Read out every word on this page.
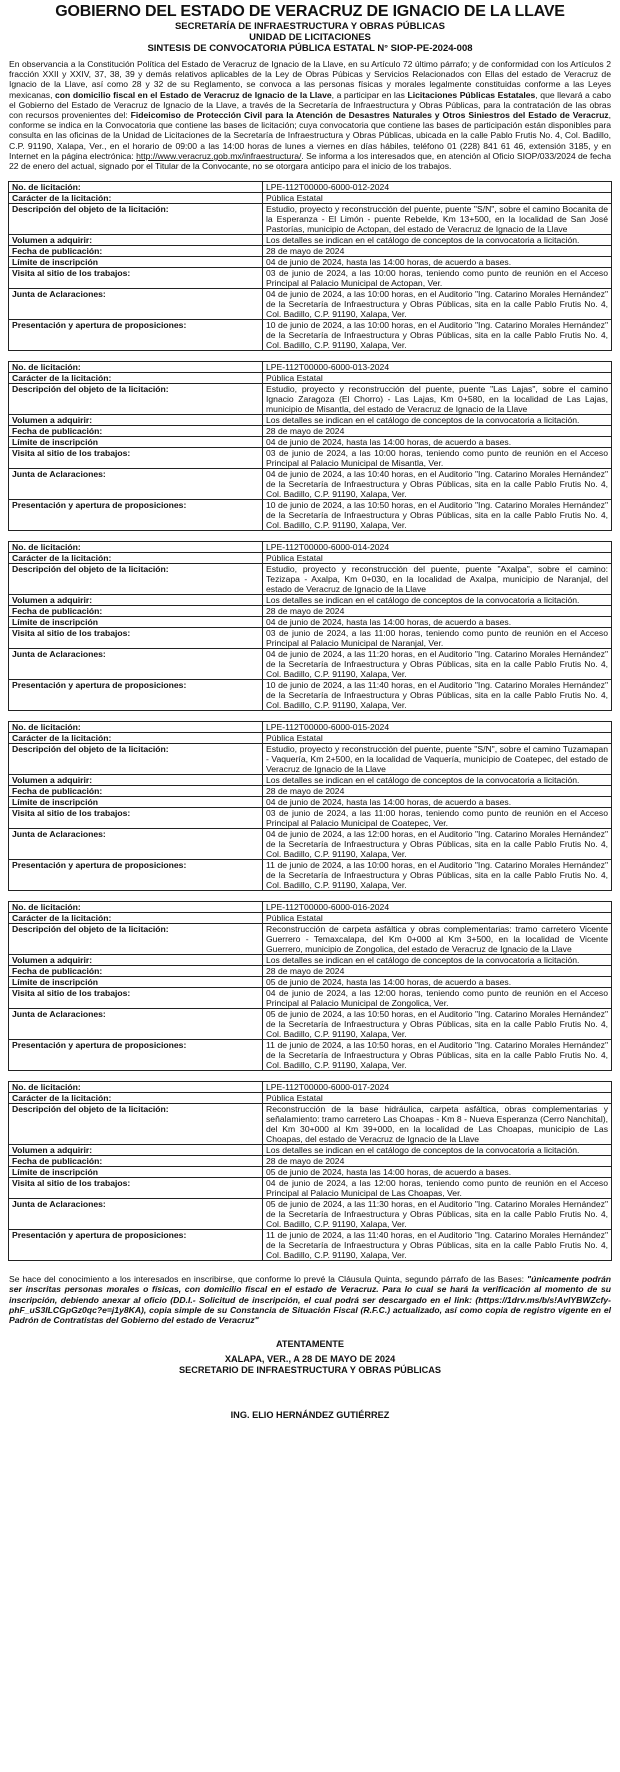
GOBIERNO DEL ESTADO DE VERACRUZ DE IGNACIO DE LA LLAVE
SECRETARÍA DE INFRAESTRUCTURA Y OBRAS PÚBLICAS
UNIDAD DE LICITACIONES
SINTESIS DE CONVOCATORIA PÚBLICA ESTATAL N° SIOP-PE-2024-008
En observancia a la Constitución Política del Estado de Veracruz de Ignacio de la Llave, en su Artículo 72 último párrafo; y de conformidad con los Artículos 2 fracción XXII y XXIV, 37, 38, 39 y demás relativos aplicables de la Ley de Obras Púbicas y Servicios Relacionados con Ellas del estado de Veracruz de Ignacio de la Llave, así como 28 y 32 de su Reglamento, se convoca a las personas físicas y morales legalmente constituidas conforme a las Leyes mexicanas, con domicilio fiscal en el Estado de Veracruz de Ignacio de la Llave, a participar en las Licitaciones Públicas Estatales, que llevará a cabo el Gobierno del Estado de Veracruz de Ignacio de la Llave, a través de la Secretaría de Infraestructura y Obras Públicas, para la contratación de las obras con recursos provenientes del: Fideicomiso de Protección Civil para la Atención de Desastres Naturales y Otros Siniestros del Estado de Veracruz, conforme se indica en la Convocatoria que contiene las bases de licitación; cuya convocatoria que contiene las bases de participación están disponibles para consulta en las oficinas de la Unidad de Licitaciones de la Secretaría de Infraestructura y Obras Públicas, ubicada en la calle Pablo Frutis No. 4, Col. Badillo, C.P. 91190, Xalapa, Ver., en el horario de 09:00 a las 14:00 horas de lunes a viernes en días hábiles, teléfono 01 (228) 841 61 46, extensión 3185, y en Internet en la página electrónica: http://www.veracruz.gob.mx/infraestructura/. Se informa a los interesados que, en atención al Oficio SIOP/033/2024 de fecha 22 de enero del actual, signado por el Titular de la Convocante, no se otorgara anticipo para el inicio de los trabajos.
No. de licitación:	LPE-112T00000-6000-012-2024
Carácter de la licitación:	Pública Estatal
Descripción del objeto de la licitación:	Estudio, proyecto y reconstrucción del puente, puente "S/N", sobre el camino Bocanita de la Esperanza - El Limón - puente Rebelde, Km 13+500, en la localidad de San José Pastorías, municipio de Actopan, del estado de Veracruz de Ignacio de la Llave
Volumen a adquirir:	Los detalles se indican en el catálogo de conceptos de la convocatoria a licitación.
Fecha de publicación:	28 de mayo de 2024
Límite de inscripción	04 de junio de 2024, hasta las 14:00 horas, de acuerdo a bases.
Visita al sitio de los trabajos:	03 de junio de 2024, a las 10:00 horas, teniendo como punto de reunión en el Acceso Principal al Palacio Municipal de Actopan, Ver.
Junta de Aclaraciones:	04 de junio de 2024, a las 10:00 horas, en el Auditorio "Ing. Catarino Morales Hernández" de la Secretaría de Infraestructura y Obras Públicas, sita en la calle Pablo Frutis No. 4, Col. Badillo, C.P. 91190, Xalapa, Ver.
Presentación y apertura de proposiciones:	10 de junio de 2024, a las 10:00 horas, en el Auditorio "Ing. Catarino Morales Hernández" de la Secretaría de Infraestructura y Obras Públicas, sita en la calle Pablo Frutis No. 4, Col. Badillo, C.P. 91190, Xalapa, Ver.
No. de licitación:	LPE-112T00000-6000-013-2024
Carácter de la licitación:	Pública Estatal
Descripción del objeto de la licitación:	Estudio, proyecto y reconstrucción del puente, puente "Las Lajas", sobre el camino Ignacio Zaragoza (El Chorro) - Las Lajas, Km 0+580, en la localidad de Las Lajas, municipio de Misantla, del estado de Veracruz de Ignacio de la Llave
Volumen a adquirir:	Los detalles se indican en el catálogo de conceptos de la convocatoria a licitación.
Fecha de publicación:	28 de mayo de 2024
Límite de inscripción	04 de junio de 2024, hasta las 14:00 horas, de acuerdo a bases.
Visita al sitio de los trabajos:	03 de junio de 2024, a las 10:00 horas, teniendo como punto de reunión en el Acceso Principal al Palacio Municipal de Misantla, Ver.
Junta de Aclaraciones:	04 de junio de 2024, a las 10:40 horas, en el Auditorio "Ing. Catarino Morales Hernández" de la Secretaría de Infraestructura y Obras Públicas, sita en la calle Pablo Frutis No. 4, Col. Badillo, C.P. 91190, Xalapa, Ver.
Presentación y apertura de proposiciones:	10 de junio de 2024, a las 10:50 horas, en el Auditorio "Ing. Catarino Morales Hernández" de la Secretaría de Infraestructura y Obras Públicas, sita en la calle Pablo Frutis No. 4, Col. Badillo, C.P. 91190, Xalapa, Ver.
No. de licitación:	LPE-112T00000-6000-014-2024
Carácter de la licitación:	Pública Estatal
Descripción del objeto de la licitación:	Estudio, proyecto y reconstrucción del puente, puente "Axalpa", sobre el camino: Tezizapa - Axalpa, Km 0+030, en la localidad de Axalpa, municipio de Naranjal, del estado de Veracruz de Ignacio de la Llave
Volumen a adquirir:	Los detalles se indican en el catálogo de conceptos de la convocatoria a licitación.
Fecha de publicación:	28 de mayo de 2024
Límite de inscripción	04 de junio de 2024, hasta las 14:00 horas, de acuerdo a bases.
Visita al sitio de los trabajos:	03 de junio de 2024, a las 11:00 horas, teniendo como punto de reunión en el Acceso Principal al Palacio Municipal de Naranjal, Ver.
Junta de Aclaraciones:	04 de junio de 2024, a las 11:20 horas, en el Auditorio "Ing. Catarino Morales Hernández" de la Secretaría de Infraestructura y Obras Públicas, sita en la calle Pablo Frutis No. 4, Col. Badillo, C.P. 91190, Xalapa, Ver.
Presentación y apertura de proposiciones:	10 de junio de 2024, a las 11:40 horas, en el Auditorio "Ing. Catarino Morales Hernández" de la Secretaría de Infraestructura y Obras Públicas, sita en la calle Pablo Frutis No. 4, Col. Badillo, C.P. 91190, Xalapa, Ver.
No. de licitación:	LPE-112T00000-6000-015-2024
Carácter de la licitación:	Pública Estatal
Descripción del objeto de la licitación:	Estudio, proyecto y reconstrucción del puente, puente "S/N", sobre el camino Tuzamapan - Vaquería, Km 2+500, en la localidad de Vaquería, municipio de Coatepec, del estado de Veracruz de Ignacio de la Llave
Volumen a adquirir:	Los detalles se indican en el catálogo de conceptos de la convocatoria a licitación.
Fecha de publicación:	28 de mayo de 2024
Límite de inscripción	04 de junio de 2024, hasta las 14:00 horas, de acuerdo a bases.
Visita al sitio de los trabajos:	03 de junio de 2024, a las 11:00 horas, teniendo como punto de reunión en el Acceso Principal al Palacio Municipal de Coatepec, Ver.
Junta de Aclaraciones:	04 de junio de 2024, a las 12:00 horas, en el Auditorio "Ing. Catarino Morales Hernández" de la Secretaría de Infraestructura y Obras Públicas, sita en la calle Pablo Frutis No. 4, Col. Badillo, C.P. 91190, Xalapa, Ver.
Presentación y apertura de proposiciones:	11 de junio de 2024, a las 10:00 horas, en el Auditorio "Ing. Catarino Morales Hernández" de la Secretaría de Infraestructura y Obras Públicas, sita en la calle Pablo Frutis No. 4, Col. Badillo, C.P. 91190, Xalapa, Ver.
No. de licitación:	LPE-112T00000-6000-016-2024
Carácter de la licitación:	Pública Estatal
Descripción del objeto de la licitación:	Reconstrucción de carpeta asfáltica y obras complementarias: tramo carretero Vicente Guerrero - Temaxcalapa, del Km 0+000 al Km 3+500, en la localidad de Vicente Guerrero, municipio de Zongolica, del estado de Veracruz de Ignacio de la Llave
Volumen a adquirir:	Los detalles se indican en el catálogo de conceptos de la convocatoria a licitación.
Fecha de publicación:	28 de mayo de 2024
Límite de inscripción	05 de junio de 2024, hasta las 14:00 horas, de acuerdo a bases.
Visita al sitio de los trabajos:	04 de junio de 2024, a las 12:00 horas, teniendo como punto de reunión en el Acceso Principal al Palacio Municipal de Zongolica, Ver.
Junta de Aclaraciones:	05 de junio de 2024, a las 10:50 horas, en el Auditorio "Ing. Catarino Morales Hernández" de la Secretaría de Infraestructura y Obras Públicas, sita en la calle Pablo Frutis No. 4, Col. Badillo, C.P. 91190, Xalapa, Ver.
Presentación y apertura de proposiciones:	11 de junio de 2024, a las 10:50 horas, en el Auditorio "Ing. Catarino Morales Hernández" de la Secretaría de Infraestructura y Obras Públicas, sita en la calle Pablo Frutis No. 4, Col. Badillo, C.P. 91190, Xalapa, Ver.
No. de licitación:	LPE-112T00000-6000-017-2024
Carácter de la licitación:	Pública Estatal
Descripción del objeto de la licitación:	Reconstrucción de la base hidráulica, carpeta asfáltica, obras complementarias y señalamiento: tramo carretero Las Choapas - Km 8 - Nueva Esperanza (Cerro Nanchital), del Km 30+000 al Km 39+000, en la localidad de Las Choapas, municipio de Las Choapas, del estado de Veracruz de Ignacio de la Llave
Volumen a adquirir:	Los detalles se indican en el catálogo de conceptos de la convocatoria a licitación.
Fecha de publicación:	28 de mayo de 2024
Límite de inscripción	05 de junio de 2024, hasta las 14:00 horas, de acuerdo a bases.
Visita al sitio de los trabajos:	04 de junio de 2024, a las 12:00 horas, teniendo como punto de reunión en el Acceso Principal al Palacio Municipal de Las Choapas, Ver.
Junta de Aclaraciones:	05 de junio de 2024, a las 11:30 horas, en el Auditorio "Ing. Catarino Morales Hernández" de la Secretaría de Infraestructura y Obras Públicas, sita en la calle Pablo Frutis No. 4, Col. Badillo, C.P. 91190, Xalapa, Ver.
Presentación y apertura de proposiciones:	11 de junio de 2024, a las 11:40 horas, en el Auditorio "Ing. Catarino Morales Hernández" de la Secretaría de Infraestructura y Obras Públicas, sita en la calle Pablo Frutis No. 4, Col. Badillo, C.P. 91190, Xalapa, Ver.
Se hace del conocimiento a los interesados en inscribirse, que conforme lo prevé la Cláusula Quinta, segundo párrafo de las Bases: "únicamente podrán ser inscritas personas morales o físicas, con domicilio fiscal en el estado de Veracruz. Para lo cual se hará la verificación al momento de su inscripción, debiendo anexar al oficio (DD.I.- Solicitud de inscripción, el cual podrá ser descargado en el link: (https://1drv.ms/b/s!AvIYBWZcfy-phF_uS3lLCGpGz0qc?e=j1y8KA), copia simple de su Constancia de Situación Fiscal (R.F.C.) actualizado, así como copia de registro vigente en el Padrón de Contratistas del Gobierno del estado de Veracruz"
ATENTAMENTE
XALAPA, VER., A 28 DE MAYO DE 2024
SECRETARIO DE INFRAESTRUCTURA Y OBRAS PÚBLICAS
ING. ELIO HERNÁNDEZ GUTIÉRREZ
